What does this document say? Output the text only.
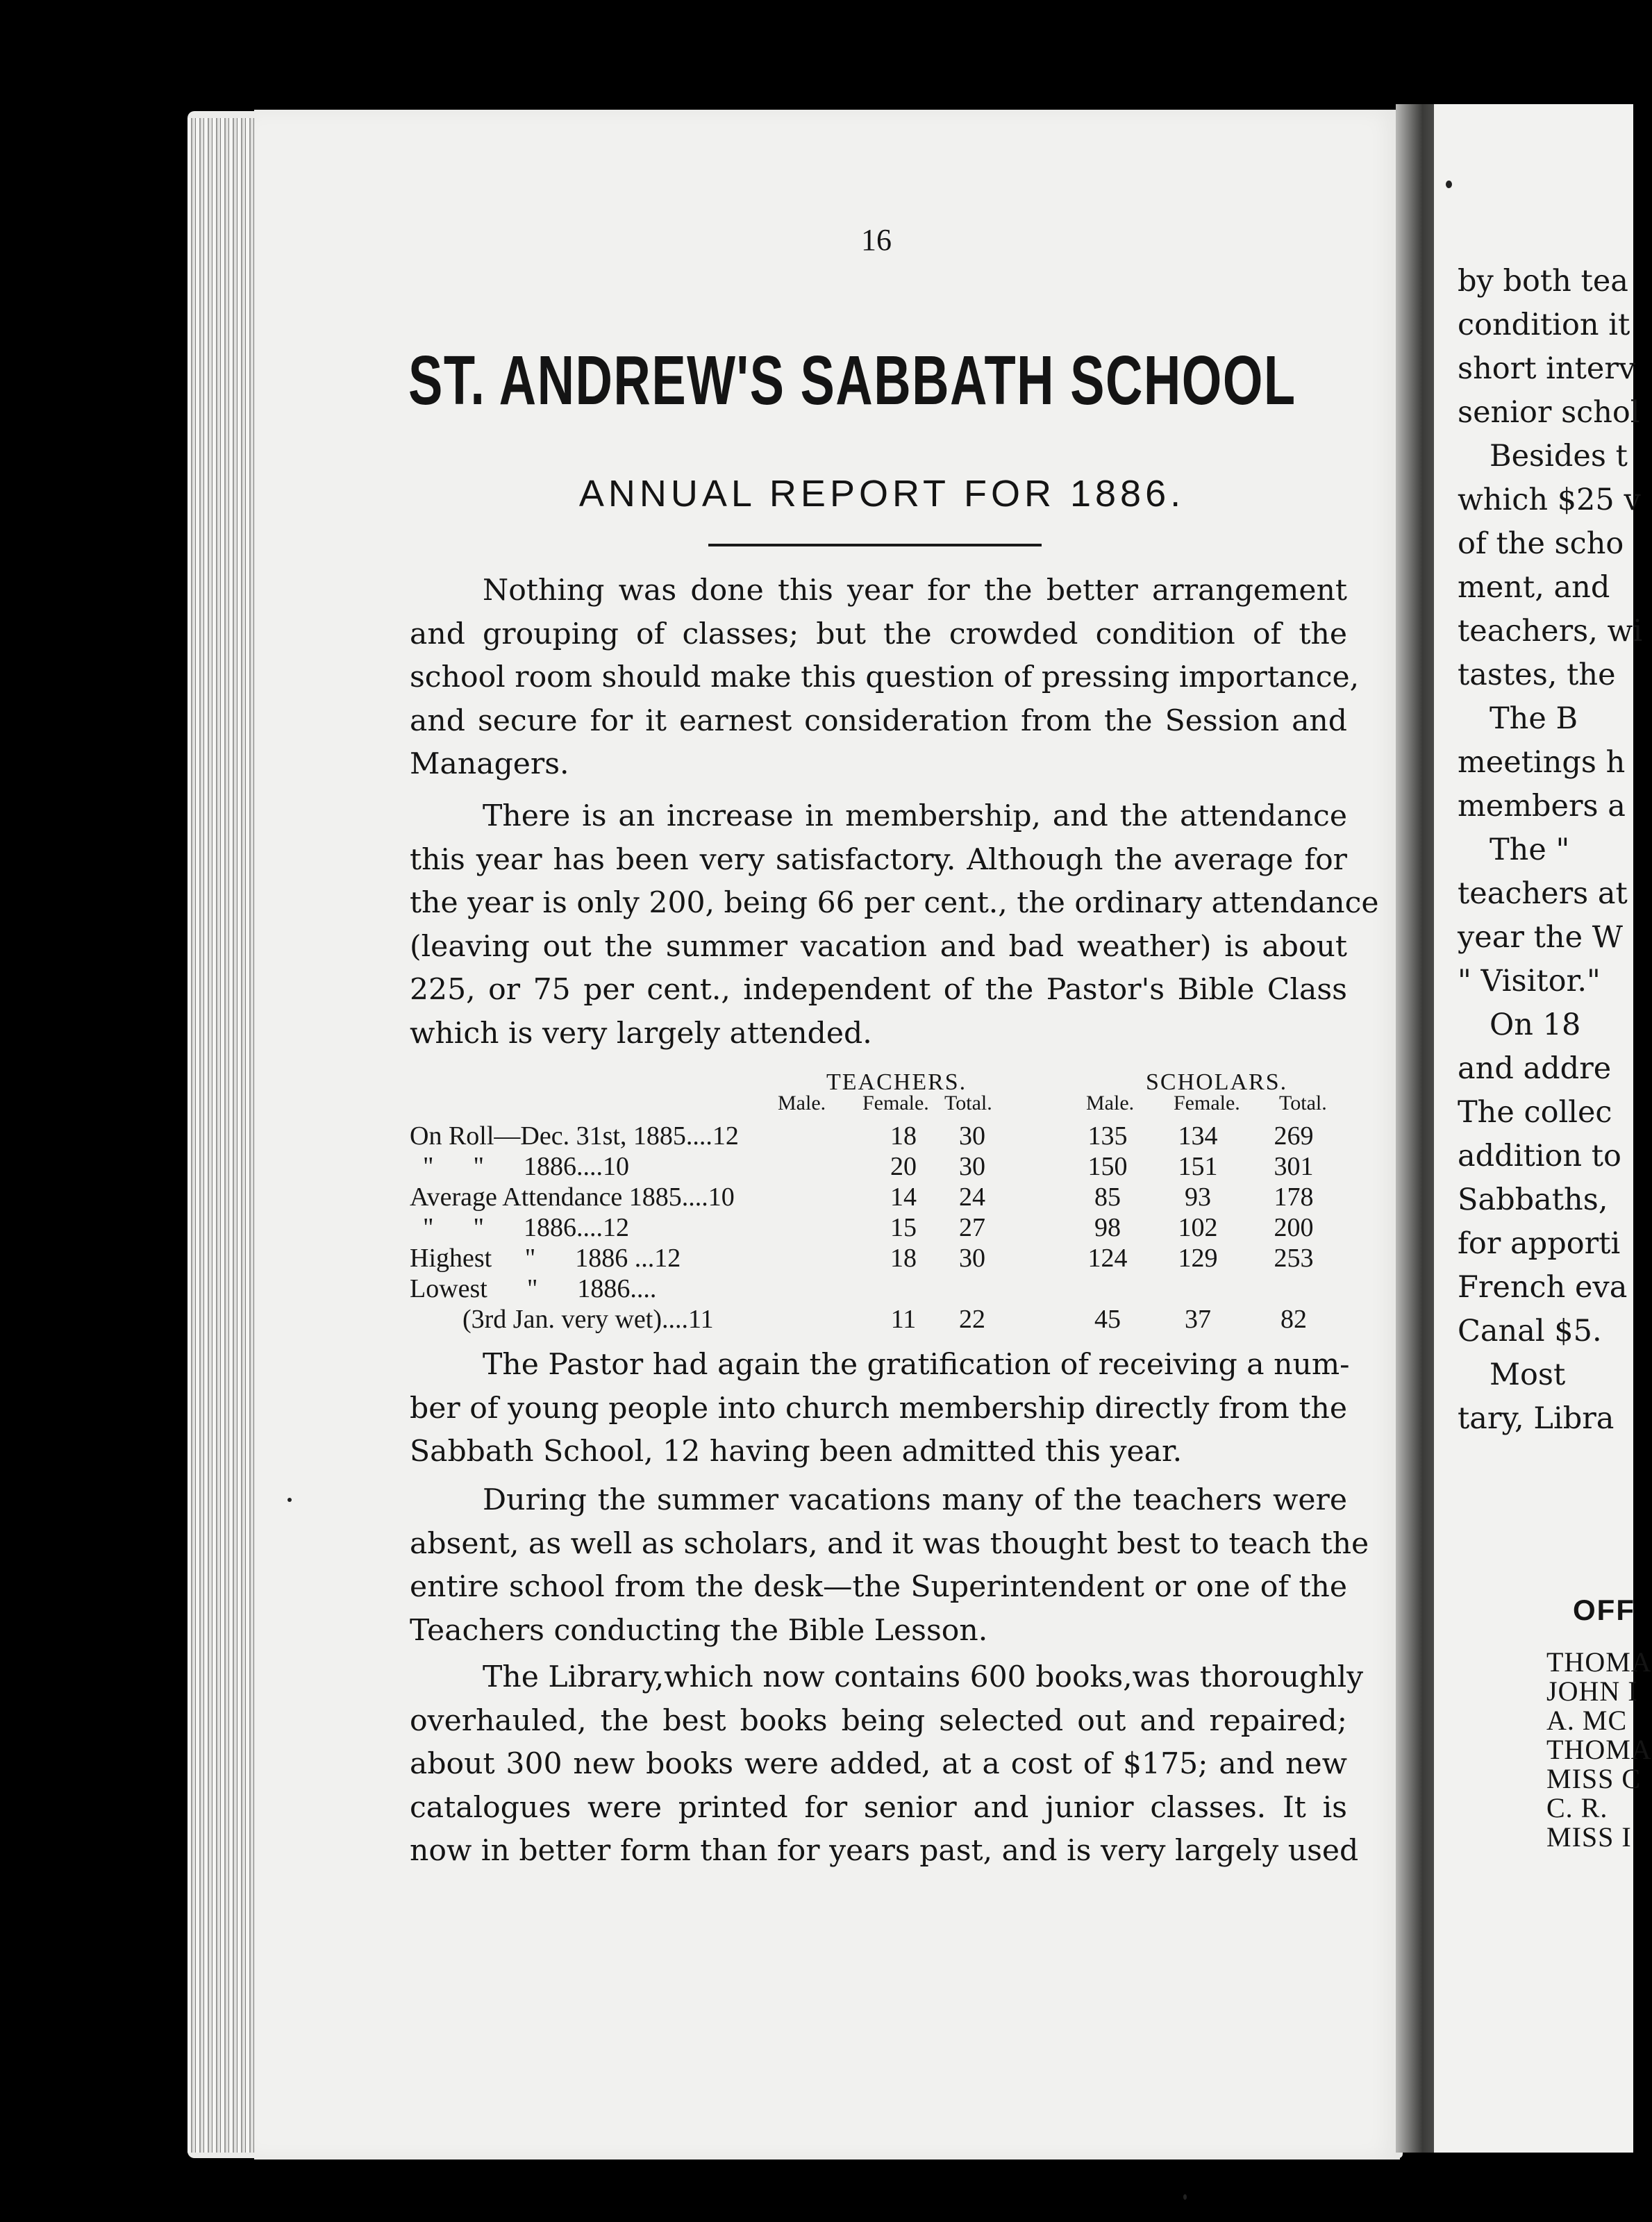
16
ST. ANDREW'S SABBATH SCHOOL
ANNUAL REPORT FOR 1886.
Nothing was done this year for the better arrangement
and grouping of classes; but the crowded condition of the
school room should make this question of pressing importance,
and secure for it earnest consideration from the Session and
Managers.
There is an increase in membership, and the attendance
this year has been very satisfactory. Although the average for
the year is only 200, being 66 per cent., the ordinary attendance
(leaving out the summer vacation and bad weather) is about
225, or 75 per cent., independent of the Pastor's Bible Class
which is very largely attended.
TEACHERS.	SCHOLARS.
Male. Female. Total.	Male. Female. Total.
On Roll—Dec. 31st, 1885....12	18	30	135	134	269
"      "      1886....10	20	30	150	151	301
Average Attendance 1885....10	14	24	85	93	178
"      "      1886....12	15	27	98	102	200
Highest     "      1886 ...12	18	30	124	129	253
Lowest      "      1886....
(3rd Jan. very wet)....11	11	22	45	37	82
The Pastor had again the gratification of receiving a num-
ber of young people into church membership directly from the
Sabbath School, 12 having been admitted this year.
During the summer vacations many of the teachers were
absent, as well as scholars, and it was thought best to teach the
entire school from the desk—the Superintendent or one of the
Teachers conducting the Bible Lesson.
The Library,which now contains 600 books,was thoroughly
overhauled, the best books being selected out and repaired;
about 300 new books were added, at a cost of $175; and new
catalogues were printed for senior and junior classes. It is
now in better form than for years past, and is very largely used
by both tea
condition it
short interv
senior schol
Besides t
which $25 v
of the scho
ment, and
teachers, wi
tastes, the
The B
meetings h
members a
The "
teachers at
year the W
" Visitor."
On 18
and addre
The collec
addition to
Sabbaths,
for apporti
French eva
Canal $5.
Most
tary, Libra
OFF
THOMA
JOHN I
A. MC
THOMA
MISS C
C. R.
MISS I
